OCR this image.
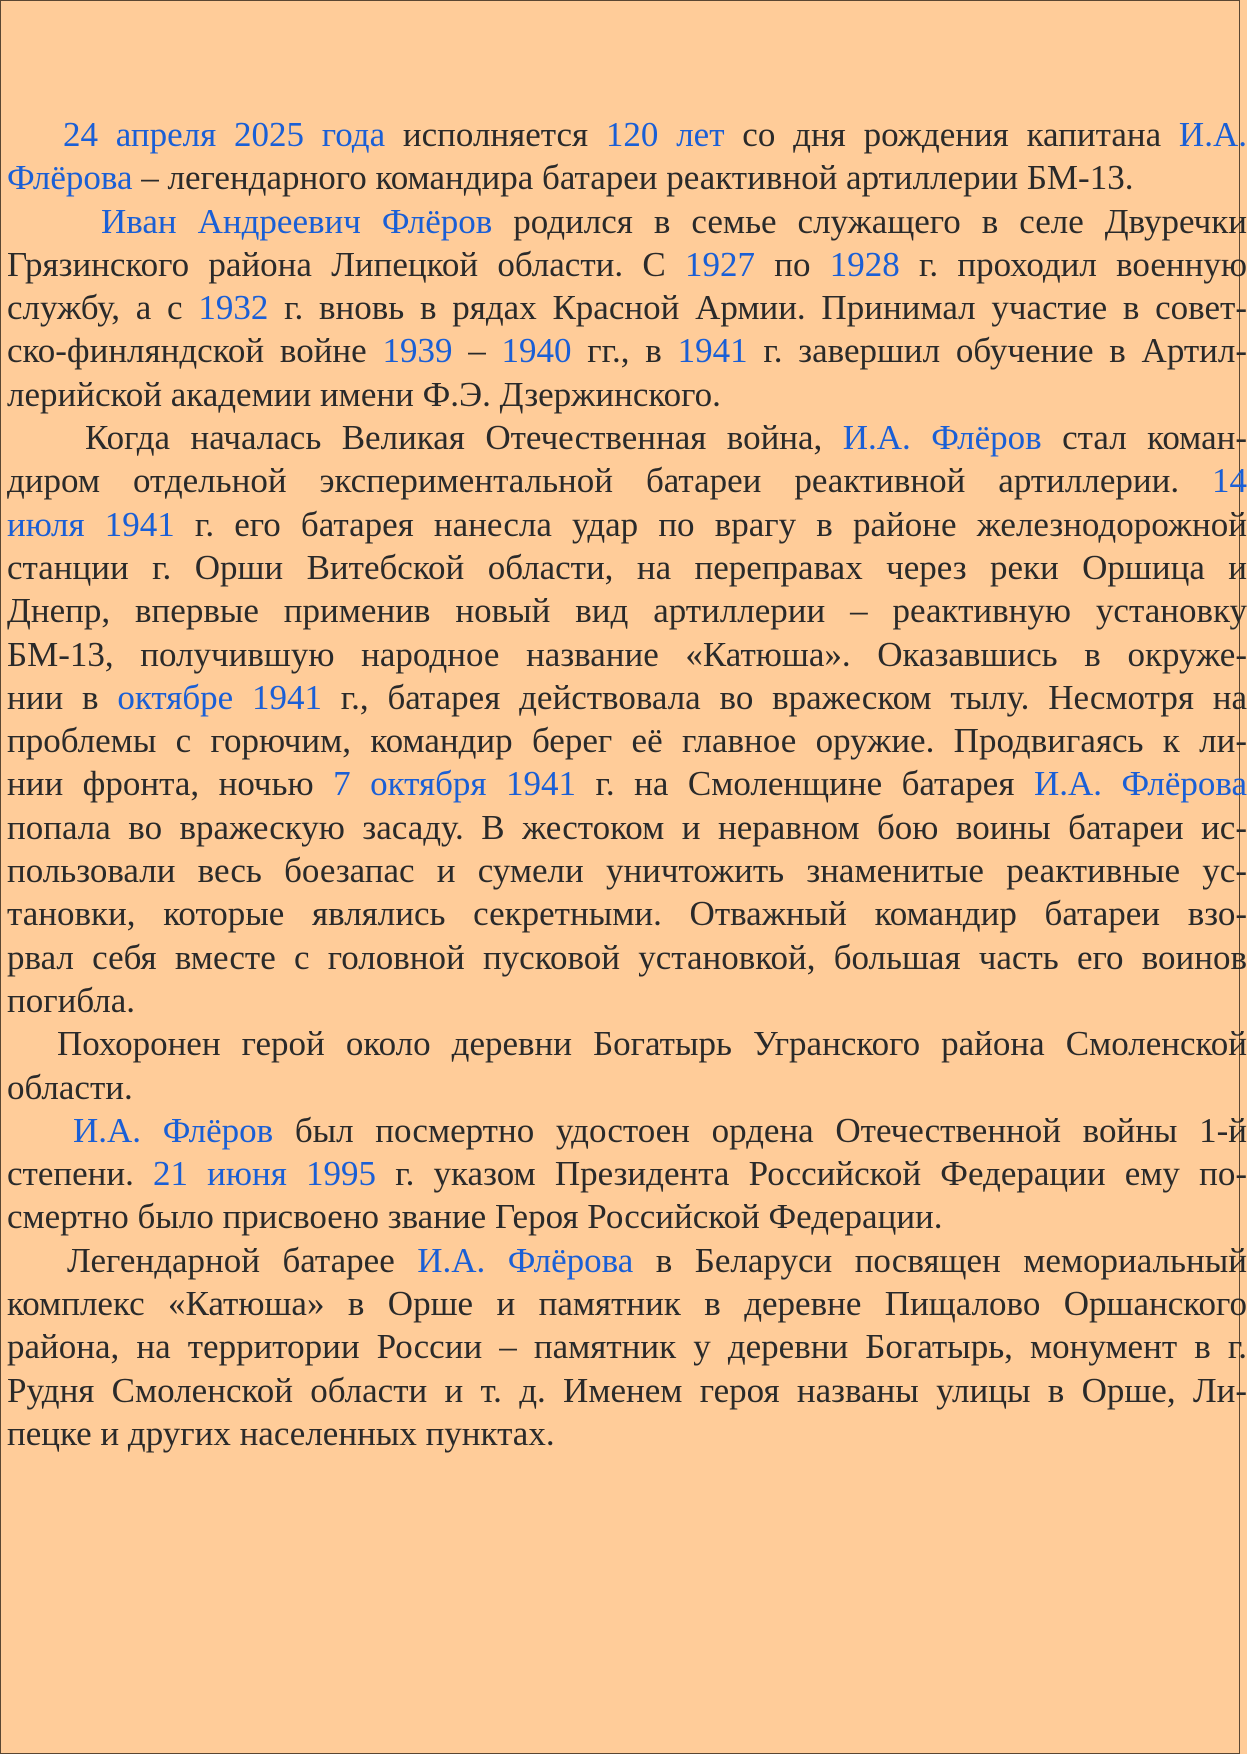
24 апреля 2025 года исполняется 120 лет со дня рождения капитана И.А.
Флёрова – легендарного командира батареи реактивной артиллерии БМ-13.
Иван Андреевич Флёров родился в семье служащего в селе Двуречки
Грязинского района Липецкой области. С 1927 по 1928 г. проходил военную
службу, а с 1932 г. вновь в рядах Красной Армии. Принимал участие в совет-
ско-финляндской войне 1939 – 1940 гг., в 1941 г. завершил обучение в Артил-
лерийской академии имени Ф.Э. Дзержинского.
Когда началась Великая Отечественная война, И.А. Флёров стал коман-
диром отдельной экспериментальной батареи реактивной артиллерии. 14
июля 1941 г. его батарея нанесла удар по врагу в районе железнодорожной
станции г. Орши Витебской области, на переправах через реки Оршица и
Днепр, впервые применив новый вид артиллерии – реактивную установку
БМ-13, получившую народное название «Катюша». Оказавшись в окруже-
нии в октябре 1941 г., батарея действовала во вражеском тылу. Несмотря на
проблемы с горючим, командир берег её главное оружие. Продвигаясь к ли-
нии фронта, ночью 7 октября 1941 г. на Смоленщине батарея И.А. Флёрова
попала во вражескую засаду. В жестоком и неравном бою воины батареи ис-
пользовали весь боезапас и сумели уничтожить знаменитые реактивные ус-
тановки, которые являлись секретными. Отважный командир батареи взо-
рвал себя вместе с головной пусковой установкой, большая часть его воинов
погибла.
Похоронен герой около деревни Богатырь Угранского района Смоленской
области.
И.А. Флёров был посмертно удостоен ордена Отечественной войны 1-й
степени. 21 июня 1995 г. указом Президента Российской Федерации ему по-
смертно было присвоено звание Героя Российской Федерации.
Легендарной батарее И.А. Флёрова в Беларуси посвящен мемориальный
комплекс «Катюша» в Орше и памятник в деревне Пищалово Оршанского
района, на территории России – памятник у деревни Богатырь, монумент в г.
Рудня Смоленской области и т. д. Именем героя названы улицы в Орше, Ли-
пецке и других населенных пунктах.
